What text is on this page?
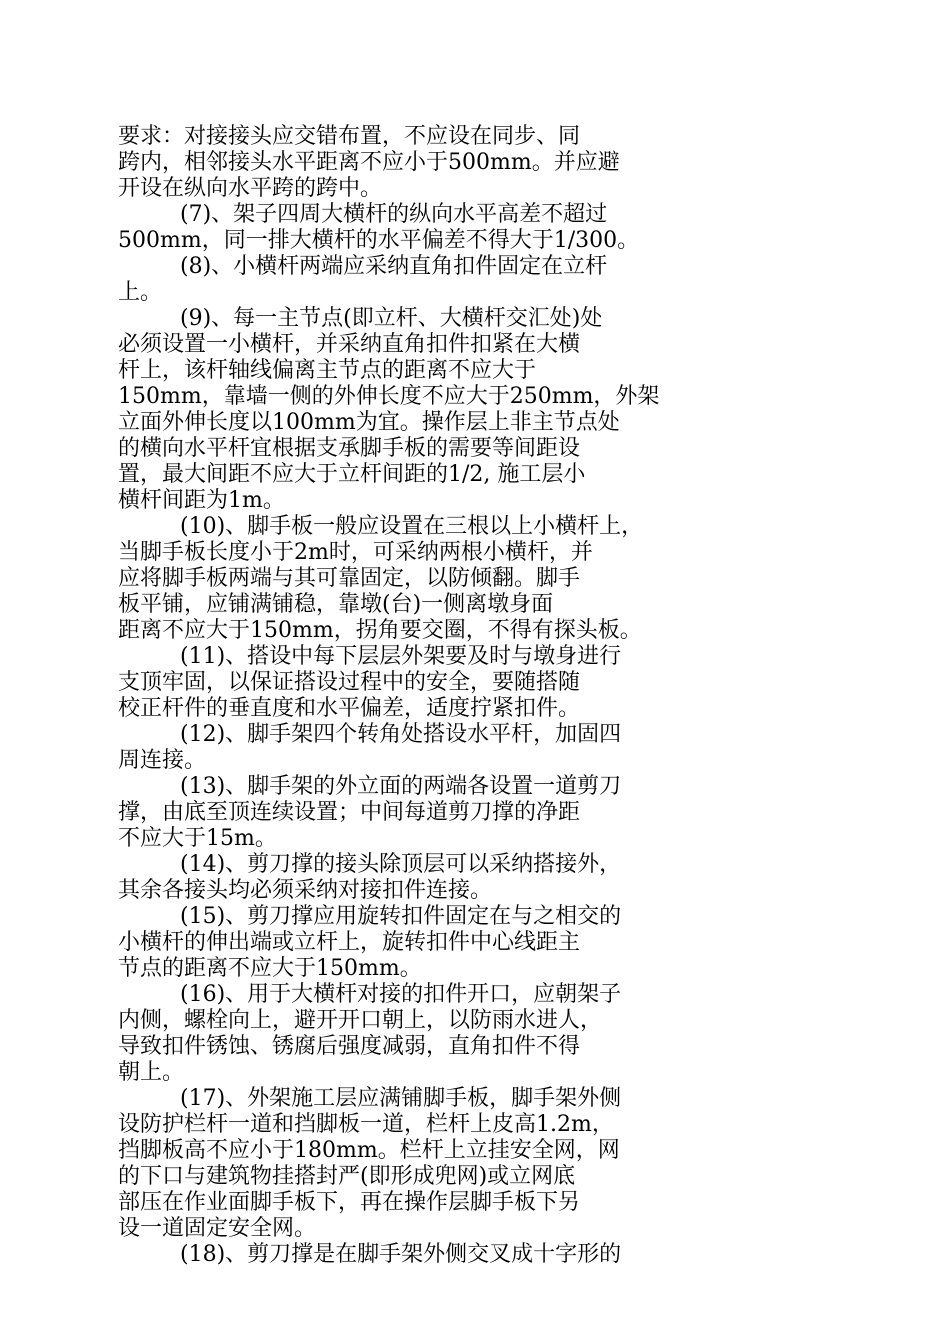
要求：对接接头应交错布置，不应设在同步、同
跨内，相邻接头水平距离不应小于500mm。并应避
开设在纵向水平跨的跨中。
(7)、架子四周大横杆的纵向水平高差不超过
500mm，同一排大横杆的水平偏差不得大于1/300。
(8)、小横杆两端应采纳直角扣件固定在立杆
上。
(9)、每一主节点(即立杆、大横杆交汇处)处
必须设置一小横杆，并采纳直角扣件扣紧在大横
杆上，该杆轴线偏离主节点的距离不应大于
150mm，靠墙一侧的外伸长度不应大于250mm，外架
立面外伸长度以100mm为宜。操作层上非主节点处
的横向水平杆宜根据支承脚手板的需要等间距设
置，最大间距不应大于立杆间距的1/2, 施工层小
横杆间距为1m。
(10)、脚手板一般应设置在三根以上小横杆上，
当脚手板长度小于2m时，可采纳两根小横杆，并
应将脚手板两端与其可靠固定，以防倾翻。脚手
板平铺，应铺满铺稳，靠墩(台)一侧离墩身面
距离不应大于150mm，拐角要交圈，不得有探头板。
(11)、搭设中每下层层外架要及时与墩身进行
支顶牢固，以保证搭设过程中的安全，要随搭随
校正杆件的垂直度和水平偏差，适度拧紧扣件。
(12)、脚手架四个转角处搭设水平杆，加固四
周连接。
(13)、脚手架的外立面的两端各设置一道剪刀
撑，由底至顶连续设置；中间每道剪刀撑的净距
不应大于15m。
(14)、剪刀撑的接头除顶层可以采纳搭接外，
其余各接头均必须采纳对接扣件连接。
(15)、剪刀撑应用旋转扣件固定在与之相交的
小横杆的伸出端或立杆上，旋转扣件中心线距主
节点的距离不应大于150mm。
(16)、用于大横杆对接的扣件开口，应朝架子
内侧，螺栓向上，避开开口朝上，以防雨水进人，
导致扣件锈蚀、锈腐后强度减弱，直角扣件不得
朝上。
(17)、外架施工层应满铺脚手板，脚手架外侧
设防护栏杆一道和挡脚板一道，栏杆上皮高1.2m，
挡脚板高不应小于180mm。栏杆上立挂安全网，网
的下口与建筑物挂搭封严(即形成兜网)或立网底
部压在作业面脚手板下，再在操作层脚手板下另
设一道固定安全网。
(18)、剪刀撑是在脚手架外侧交叉成十字形的
